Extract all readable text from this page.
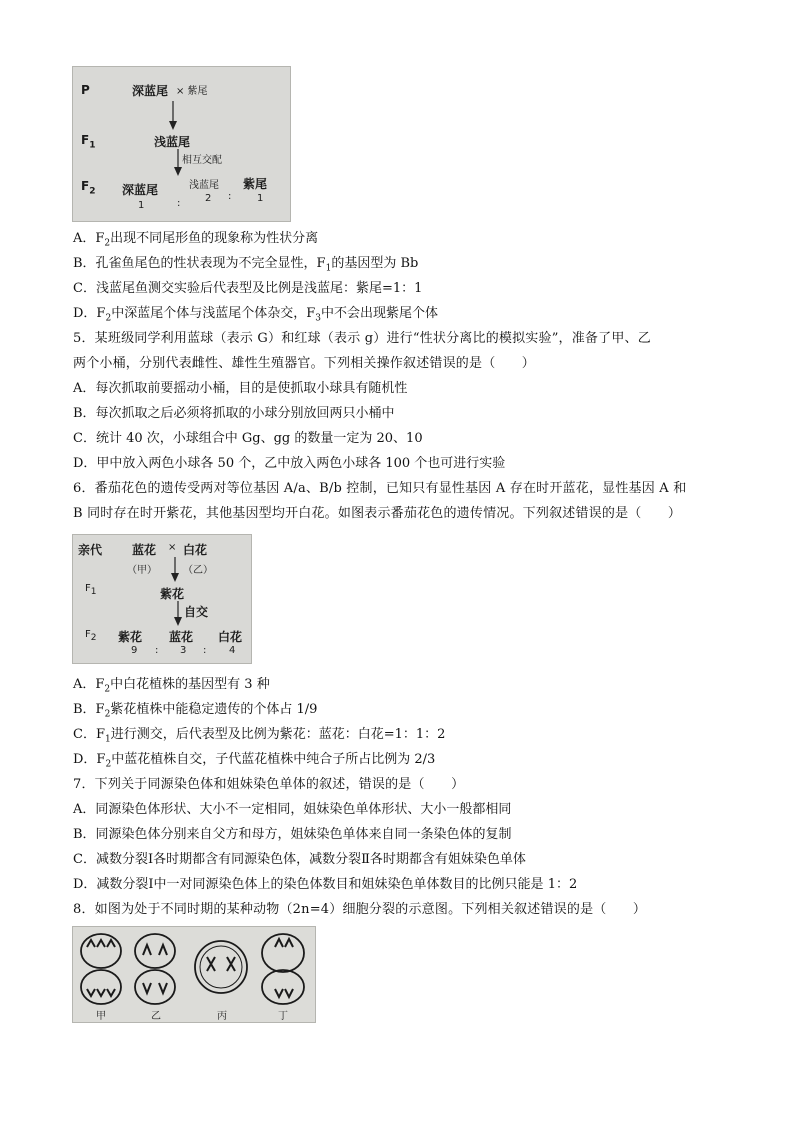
P
$F_1$
$F_2$
深蓝尾 × 紫尾
浅蓝尾
相互交配
深蓝尾	浅蓝尾 紫尾
1	: 2 :	1
A．$F_2$出现不同尾形鱼的现象称为性状分离
B．孔雀鱼尾色的性状表现为不完全显性，$F_1$的基因型为 Bb
C．浅蓝尾鱼测交实验后代表型及比例是浅蓝尾：紫尾=1：1
D．$F_2$中深蓝尾个体与浅蓝尾个体杂交，$F_3$中不会出现紫尾个体
5．某班级同学利用蓝球（表示 G）和红球（表示 g）进行“性状分离比的模拟实验”，准备了甲、乙
两个小桶，分别代表雌性、雄性生殖器官。下列相关操作叙述错误的是（　　）
A．每次抓取前要摇动小桶，目的是使抓取小球具有随机性
B．每次抓取之后必须将抓取的小球分别放回两只小桶中
C．统计 40 次，小球组合中 Gg、gg 的数量一定为 20、10
D．甲中放入两色小球各 50 个，乙中放入两色小球各 100 个也可进行实验
6．番茄花色的遗传受两对等位基因 A/a、B/b 控制，已知只有显性基因 A 存在时开蓝花，显性基因 A 和
B 同时存在时开紫花，其他基因型均开白花。如图表示番茄花色的遗传情况。下列叙述错误的是（　　）
亲代
$F_1$
$F_2$
蓝花 × 白花
（甲）	（乙）
紫花
自交
紫花 蓝花 白花
9 : 3 : 4
A．$F_2$中白花植株的基因型有 3 种
B．$F_2$紫花植株中能稳定遗传的个体占 1/9
C．$F_1$进行测交，后代表型及比例为紫花：蓝花：白花=1：1：2
D．$F_2$中蓝花植株自交，子代蓝花植株中纯合子所占比例为 2/3
7．下列关于同源染色体和姐妹染色单体的叙述，错误的是（　　）
A．同源染色体形状、大小不一定相同，姐妹染色单体形状、大小一般都相同
B．同源染色体分别来自父方和母方，姐妹染色单体来自同一条染色体的复制
C．减数分裂Ⅰ各时期都含有同源染色体，减数分裂Ⅱ各时期都含有姐妹染色单体
D．减数分裂Ⅰ中一对同源染色体上的染色体数目和姐妹染色单体数目的比例只能是 1：2
8．如图为处于不同时期的某种动物（2n=4）细胞分裂的示意图。下列相关叙述错误的是（　　）
甲	乙	丙	丁
